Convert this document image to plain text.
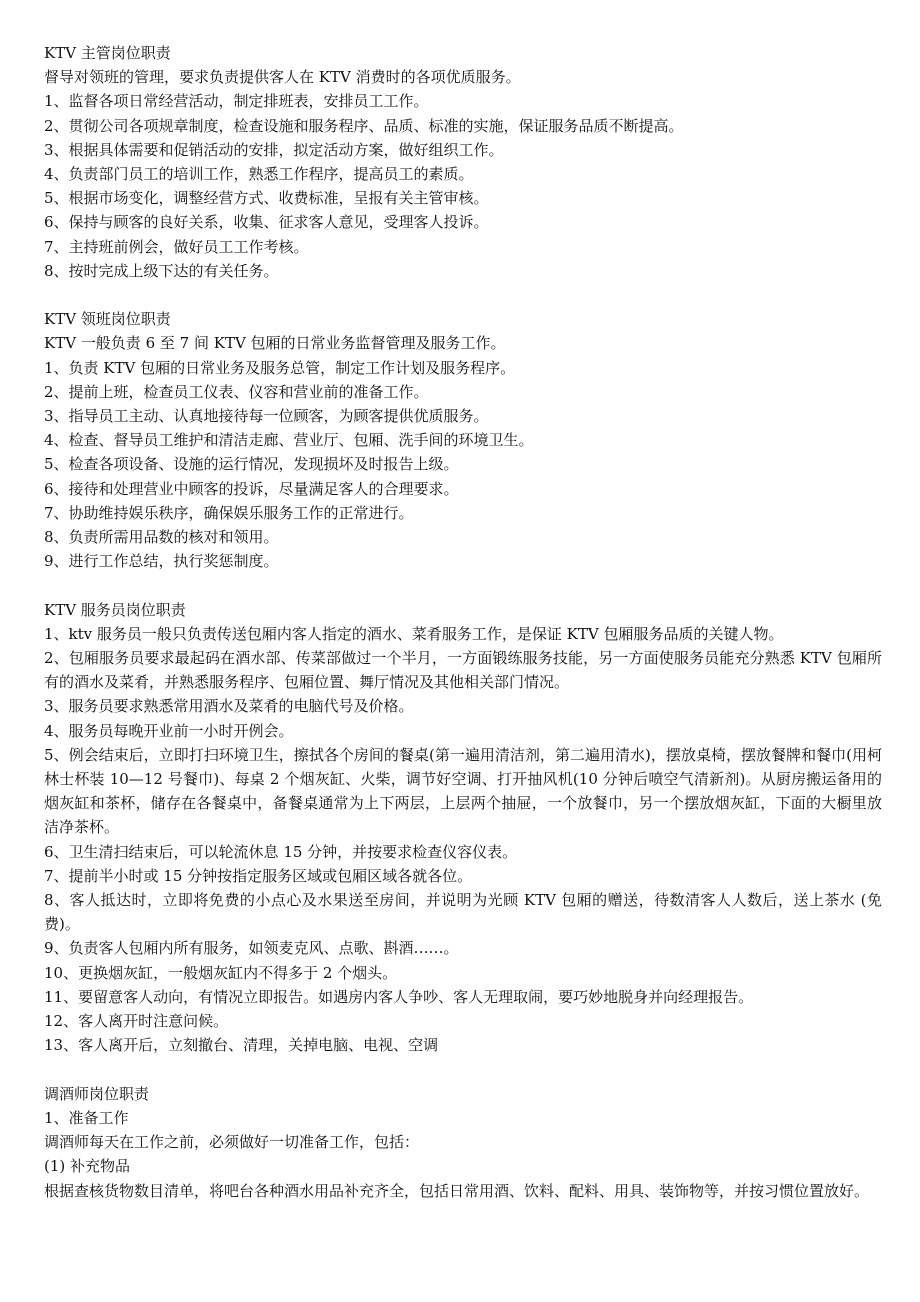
KTV 主管岗位职责
督导对领班的管理，要求负责提供客人在 KTV 消费时的各项优质服务。
1、监督各项日常经营活动，制定排班表，安排员工工作。
2、贯彻公司各项规章制度，检查设施和服务程序、品质、标准的实施，保证服务品质不断提高。
3、根据具体需要和促销活动的安排，拟定活动方案，做好组织工作。
4、负责部门员工的培训工作，熟悉工作程序，提高员工的素质。
5、根据市场变化，调整经营方式、收费标准，呈报有关主管审核。
6、保持与顾客的良好关系，收集、征求客人意见，受理客人投诉。
7、主持班前例会，做好员工工作考核。
8、按时完成上级下达的有关任务。
KTV 领班岗位职责
KTV 一般负责 6 至 7 间 KTV 包厢的日常业务监督管理及服务工作。
1、负责 KTV 包厢的日常业务及服务总管，制定工作计划及服务程序。
2、提前上班，检查员工仪表、仪容和营业前的准备工作。
3、指导员工主动、认真地接待每一位顾客，为顾客提供优质服务。
4、检查、督导员工维护和清洁走廊、营业厅、包厢、洗手间的环境卫生。
5、检查各项设备、设施的运行情况，发现损坏及时报告上级。
6、接待和处理营业中顾客的投诉，尽量满足客人的合理要求。
7、协助维持娱乐秩序，确保娱乐服务工作的正常进行。
8、负责所需用品数的核对和领用。
9、进行工作总结，执行奖惩制度。
KTV 服务员岗位职责
1、ktv 服务员一般只负责传送包厢内客人指定的酒水、菜肴服务工作，是保证 KTV 包厢服务品质的关键人物。
2、包厢服务员要求最起码在酒水部、传菜部做过一个半月，一方面锻练服务技能，另一方面使服务员能充分熟悉 KTV 包厢所有的酒水及菜肴，并熟悉服务程序、包厢位置、舞厅情况及其他相关部门情况。
3、服务员要求熟悉常用酒水及菜肴的电脑代号及价格。
4、服务员每晚开业前一小时开例会。
5、例会结束后，立即打扫环境卫生，擦拭各个房间的餐桌(第一遍用清洁剂，第二遍用清水)，摆放桌椅，摆放餐牌和餐巾(用柯林士杯装 10—12 号餐巾)、每桌 2 个烟灰缸、火柴，调节好空调、打开抽风机(10 分钟后喷空气清新剂)。从厨房搬运备用的烟灰缸和茶杯，储存在各餐桌中，备餐桌通常为上下两层，上层两个抽屉，一个放餐巾，另一个摆放烟灰缸，下面的大橱里放洁净茶杯。
6、卫生清扫结束后，可以轮流休息 15 分钟，并按要求检查仪容仪表。
7、提前半小时或 15 分钟按指定服务区域或包厢区域各就各位。
8、客人抵达时，立即将免费的小点心及水果送至房间，并说明为光顾 KTV 包厢的赠送，待数清客人人数后，送上茶水 (免费)。
9、负责客人包厢内所有服务，如领麦克风、点歌、斟酒……。
10、更换烟灰缸，一般烟灰缸内不得多于 2 个烟头。
11、要留意客人动向，有情况立即报告。如遇房内客人争吵、客人无理取闹，要巧妙地脱身并向经理报告。
12、客人离开时注意问候。
13、客人离开后，立刻撤台、清理，关掉电脑、电视、空调
调酒师岗位职责
1、准备工作
调酒师每天在工作之前，必须做好一切准备工作，包括：
(1) 补充物品
根据查核货物数目清单，将吧台各种酒水用品补充齐全，包括日常用酒、饮料、配料、用具、装饰物等，并按习惯位置放好。
